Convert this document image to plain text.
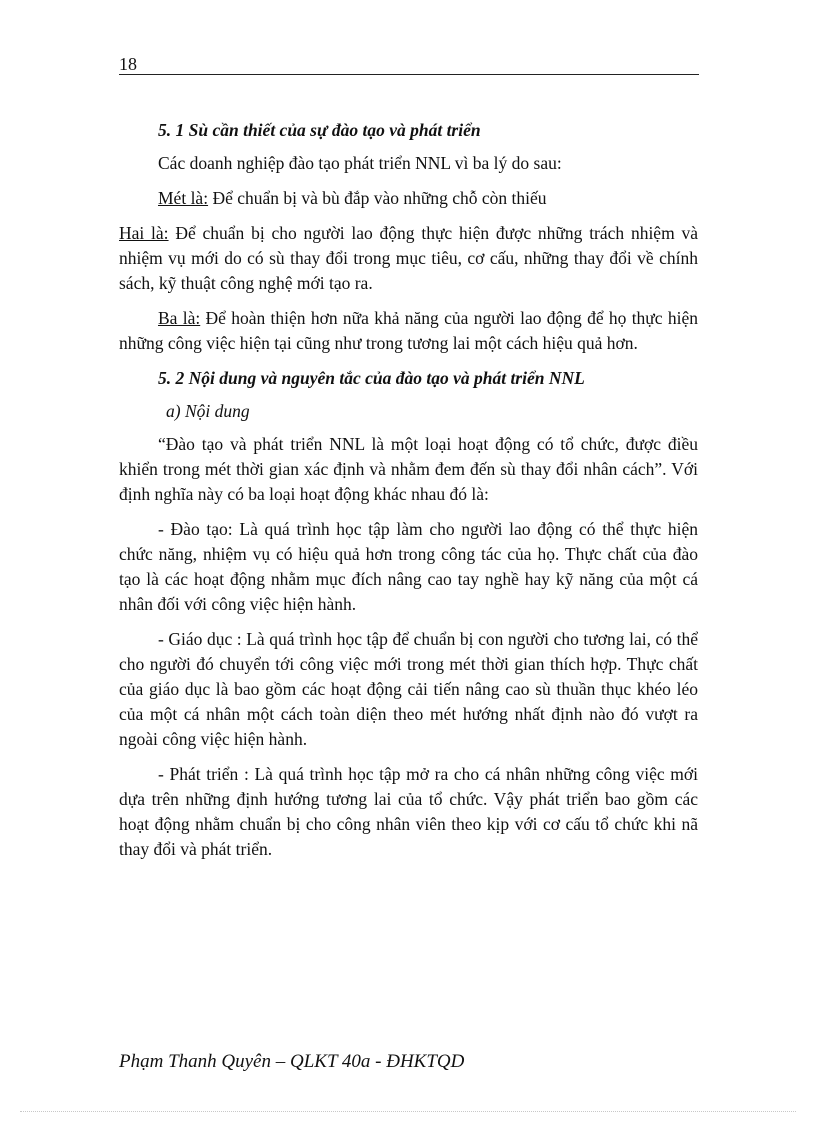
18

5. 1 Sù cần thiết của sự đào tạo và phát triển

Các doanh nghiệp đào tạo phát triển NNL vì ba lý do sau:

Mét là: Để chuẩn bị và bù đắp vào những chỗ còn thiếu

Hai là: Để chuẩn bị cho người lao động thực hiện được những trách nhiệm và nhiệm vụ mới do có sù thay đổi trong mục tiêu, cơ cấu, những thay đổi về chính sách, kỹ thuật công nghệ mới tạo ra.

Ba là: Để hoàn thiện hơn nữa khả năng của người lao động để họ thực hiện những công việc hiện tại cũng như trong tương lai một cách hiệu quả hơn.

5. 2 Nội dung và nguyên tắc của đào tạo và phát triển NNL

a) Nội dung

“Đào tạo và phát triển NNL là một loại hoạt động có tổ chức, được điều khiển trong mét thời gian xác định và nhằm đem đến sù thay đổi nhân cách”. Với định nghĩa này có ba loại hoạt động khác nhau đó là:

- Đào tạo: Là quá trình học tập làm cho người lao động có thể thực hiện chức năng, nhiệm vụ có hiệu quả hơn trong công tác của họ. Thực chất của đào tạo là các hoạt động nhằm mục đích nâng cao tay nghề hay kỹ năng của một cá nhân đối với công việc hiện hành.

- Giáo dục : Là quá trình học tập để chuẩn bị con người cho tương lai, có thể cho người đó chuyển tới công việc mới trong mét thời gian thích hợp. Thực chất của giáo dục là bao gồm các hoạt động cải tiến nâng cao sù thuần thục khéo léo của một cá nhân một cách toàn diện theo mét hướng nhất định nào đó vượt ra ngoài công việc hiện hành.

- Phát triển : Là quá trình học tập mở ra cho cá nhân những công việc mới dựa trên những định hướng tương lai của tổ chức. Vậy phát triển bao gồm các hoạt động nhằm chuẩn bị cho công nhân viên theo kịp với cơ cấu tổ chức khi nã thay đổi và phát triển.

Phạm Thanh Quyên – QLKT 40a - ĐHKTQD
